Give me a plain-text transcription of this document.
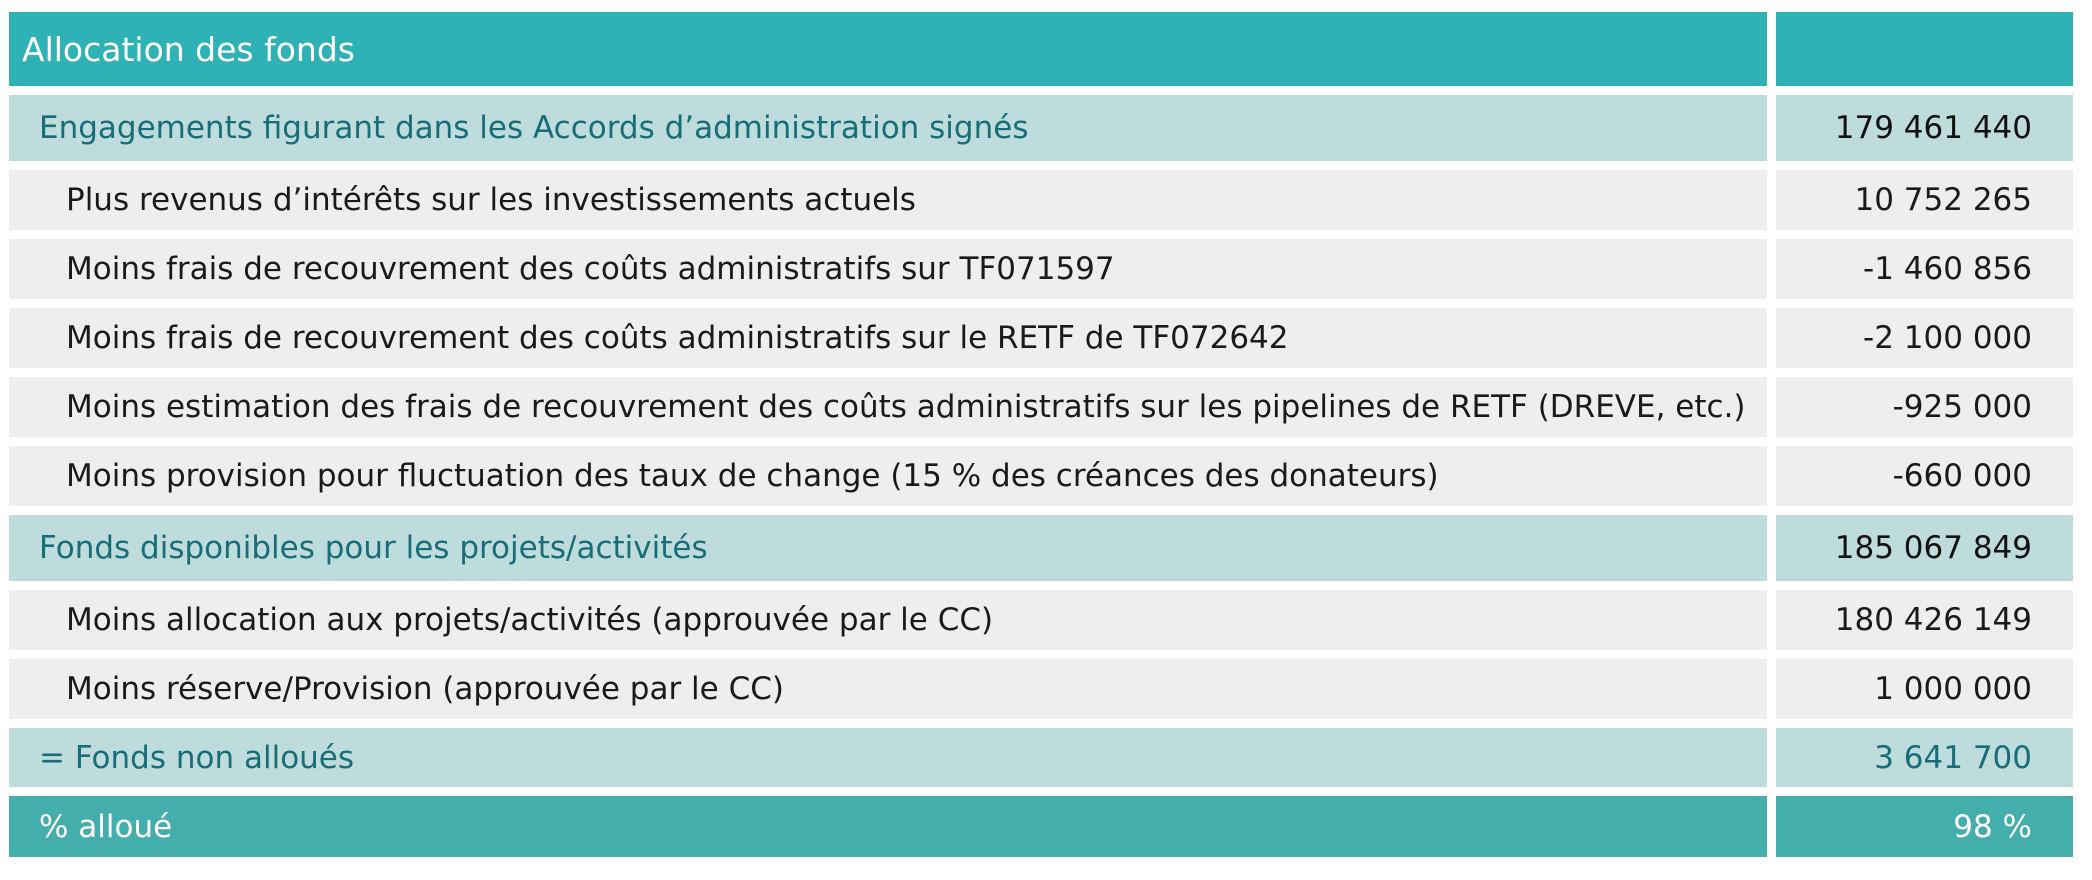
Allocation des fonds
Engagements figurant dans les Accords d’administration signés	179 461 440
Plus revenus d’intérêts sur les investissements actuels	10 752 265
Moins frais de recouvrement des coûts administratifs sur TF071597	-1 460 856
Moins frais de recouvrement des coûts administratifs sur le RETF de TF072642	-2 100 000
Moins estimation des frais de recouvrement des coûts administratifs sur les pipelines de RETF (DREVE, etc.)	-925 000
Moins provision pour fluctuation des taux de change (15 % des créances des donateurs)	-660 000
Fonds disponibles pour les projets/activités	185 067 849
Moins allocation aux projets/activités (approuvée par le CC)	180 426 149
Moins réserve/Provision (approuvée par le CC)	1 000 000
= Fonds non alloués	3 641 700
% alloué	98 %
